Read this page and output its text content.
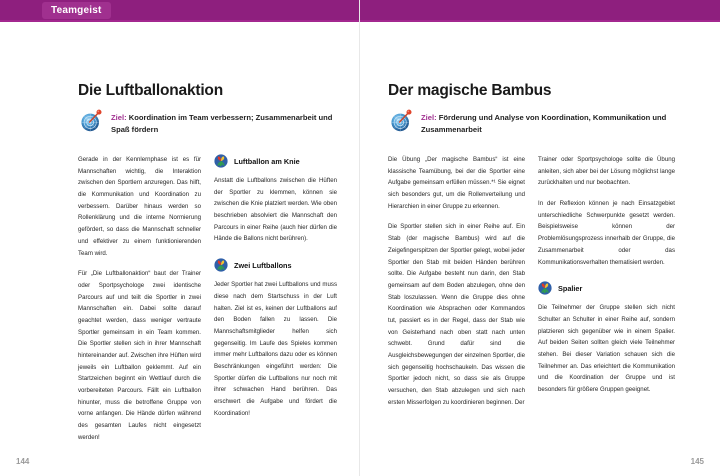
Teamgeist
Die Luftballonaktion
Ziel: Koordination im Team verbessern; Zusammenarbeit und Spaß fördern

Gerade in der Kennlernphase ist es für Mannschaften wichtig, die Interaktion zwischen den Sportlern anzuregen. Das hilft, die Kommunikation und Koordination zu verbessern. Darüber hinaus werden so Rollenklärung und die interne Normierung gefördert, so dass die Mannschaft schneller und effektiver zu einem funktionierenden Team wird.

Für „Die Luftballonaktion“ baut der Trainer oder Sportpsychologe zwei identische Parcours auf und teilt die Sportler in zwei Mannschaften ein. Dabei sollte darauf geachtet werden, dass weniger vertraute Sportler gemeinsam in ein Team kommen. Die Sportler stellen sich in ihrer Mannschaft hintereinander auf. Zwischen ihre Hüften wird jeweils ein Luftballon geklemmt. Auf ein Startzeichen beginnt ein Wettlauf durch die vorbereiteten Parcours. Fällt ein Luftballon hinunter, muss die betroffene Gruppe von vorne anfangen. Die Hände dürfen während des gesamten Laufes nicht eingesetzt werden!

Luftballon am Knie

Anstatt die Luftballons zwischen die Hüften der Sportler zu klemmen, können sie zwischen die Knie platziert werden. Wie oben beschrieben absolviert die Mannschaft den Parcours in einer Reihe (auch hier dürfen die Hände die Ballons nicht berühren).

Zwei Luftballons

Jeder Sportler hat zwei Luftballons und muss diese nach dem Startschuss in der Luft halten. Ziel ist es, keinen der Luftballons auf den Boden fallen zu lassen. Die Mannschaftsmitglieder helfen sich gegenseitig. Im Laufe des Spieles kommen immer mehr Luftballons dazu oder es können Beschränkungen eingeführt werden: Die Sportler dürfen die Luftballons nur noch mit ihrer schwachen Hand berühren. Das erschwert die Aufgabe und fördert die Koordination!

144
Der magische Bambus
Ziel: Förderung und Analyse von Koordination, Kommunikation und Zusammenarbeit

Die Übung „Der magische Bambus“ ist eine klassische Teamübung, bei der die Sportler eine Aufgabe gemeinsam erfüllen müssen.*¹ Sie eignet sich besonders gut, um die Rollenverteilung und Hierarchien in einer Gruppe zu erkennen.

Die Sportler stellen sich in einer Reihe auf. Ein Stab (der magische Bambus) wird auf die Zeigefingerspitzen der Sportler gelegt, wobei jeder Sportler den Stab mit beiden Händen berühren sollte. Die Aufgabe besteht nun darin, den Stab gemeinsam auf dem Boden abzulegen, ohne den Stab loszulassen. Wenn die Gruppe dies ohne Koordination wie Absprachen oder Kommandos tut, passiert es in der Regel, dass der Stab wie von Geisterhand nach oben statt nach unten schwebt. Grund dafür sind die Ausgleichsbewegungen der einzelnen Sportler, die sich gegenseitig hochschaukeln. Das wissen die Sportler jedoch nicht, so dass sie als Gruppe versuchen, den Stab abzulegen und sich nach ersten Misserfolgen zu koordinieren beginnen. Der

Trainer oder Sportpsychologe sollte die Übung anleiten, sich aber bei der Lösung möglichst lange zurückhalten und nur beobachten.

In der Reflexion können je nach Einsatzgebiet unterschiedliche Schwerpunkte gesetzt werden. Beispielsweise können der Problemlösungsprozess innerhalb der Gruppe, die Zusammenarbeit oder das Kommunikationsverhalten thematisiert werden.

Spalier

Die Teilnehmer der Gruppe stellen sich nicht Schulter an Schulter in einer Reihe auf, sondern platzieren sich gegenüber wie in einem Spalier. Auf beiden Seiten sollten gleich viele Teilnehmer stehen. Bei dieser Variation schauen sich die Teilnehmer an. Das erleichtert die Kommunikation und die Koordination der Gruppe und ist besonders für größere Gruppen geeignet.

145
